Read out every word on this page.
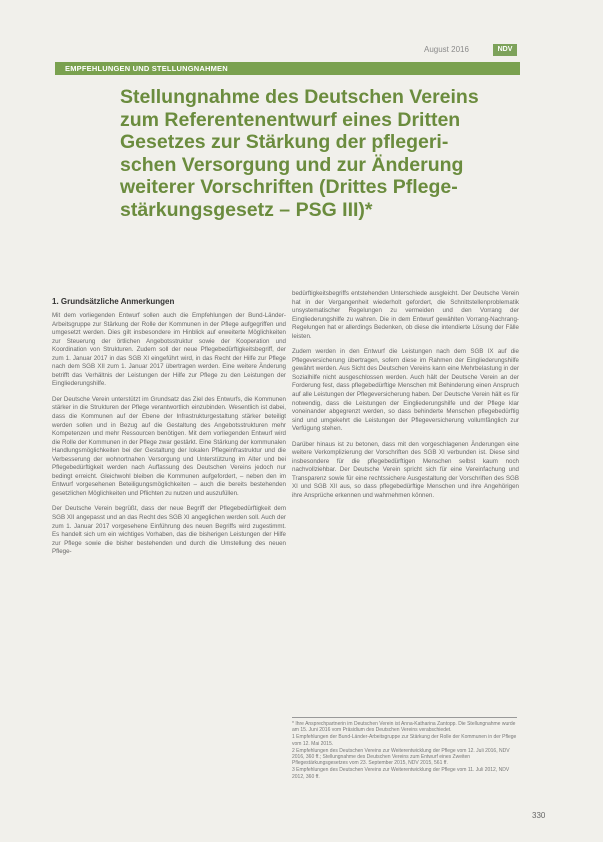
August 2016	NDV
EMPFEHLUNGEN UND STELLUNGNAHMEN
Stellungnahme des Deutschen Vereins
zum Referentenentwurf eines Dritten
Gesetzes zur Stärkung der pflegeri-
schen Versorgung und zur Änderung
weiterer Vorschriften (Drittes Pflege-
stärkungsgesetz – PSG III)*
1. Grundsätzliche Anmerkungen

Mit dem vorliegenden Entwurf sollen auch die Empfehlungen der Bund-Länder-Arbeitsgruppe zur Stärkung der Rolle der Kommunen in der Pflege aufgegriffen und umgesetzt werden. Dies gilt insbesondere im Hinblick auf erweiterte Möglichkeiten zur Steuerung der örtlichen Angebotsstruktur sowie der Kooperation und Koordination von Strukturen. Zudem soll der neue Pflegebedürftigkeitsbegriff, der zum 1. Januar 2017 in das SGB XI eingeführt wird, in das Recht der Hilfe zur Pflege nach dem SGB XII zum 1. Januar 2017 übertragen werden. Eine weitere Änderung betrifft das Verhältnis der Leistungen der Hilfe zur Pflege zu den Leistungen der Eingliederungshilfe.

Der Deutsche Verein unterstützt im Grundsatz das Ziel des Entwurfs, die Kommunen stärker in die Strukturen der Pflege verantwortlich einzubinden. Wesentlich ist dabei, dass die Kommunen auf der Ebene der Infrastrukturgestaltung stärker beteiligt werden sollen und in Bezug auf die Gestaltung des Angebotsstrukturen mehr Kompetenzen und mehr Ressourcen benötigen. Mit dem vorliegenden Entwurf wird die Rolle der Kommunen in der Pflege zwar gestärkt. Eine Stärkung der kommunalen Handlungsmöglichkeiten bei der Gestaltung der lokalen Pflegeinfrastruktur und die Verbesserung der wohnortnahen Versorgung und Unterstützung im Alter und bei Pflegebedürftigkeit werden nach Auffassung des Deutschen Vereins jedoch nur bedingt erreicht. Gleichwohl bleiben die Kommunen aufgefordert, – neben den im Entwurf vorgesehenen Beteiligungsmöglichkeiten – auch die bereits bestehenden gesetzlichen Möglichkeiten und Pflichten zu nutzen und auszufüllen.

Der Deutsche Verein begrüßt, dass der neue Begriff der Pflegebedürftigkeit dem SGB XII angepasst und an das Recht des SGB XI angeglichen werden soll. Auch der zum 1. Januar 2017 vorgesehene Einführung des neuen Begriffs wird zugestimmt. Es handelt sich um ein wichtiges Vorhaben, das die bisherigen Leistungen der Hilfe zur Pflege sowie die bisher bestehenden und durch die Umstellung des neuen Pflege-

bedürftigkeitsbegriffs entstehenden Unterschiede ausgleicht. Der Deutsche Verein hat in der Vergangenheit wiederholt gefordert, die Schnittstellenproblematik unsystematischer Regelungen zu vermeiden und den Vorrang der Eingliederungshilfe zu wahren. Die in dem Entwurf gewählten Vorrang-Nachrang-Regelungen hat er allerdings Bedenken, ob diese die intendierte Lösung der Fälle leisten.

Zudem werden in den Entwurf die Leistungen nach dem SGB IX auf die Pflegeversicherung übertragen, sofern diese im Rahmen der Eingliederungshilfe gewährt werden. Aus Sicht des Deutschen Vereins kann eine Mehrbelastung in der Sozialhilfe nicht ausgeschlossen werden. Auch hält der Deutsche Verein an der Forderung fest, dass pflegebedürftige Menschen mit Behinderung einen Anspruch auf alle Leistungen der Pflegeversicherung haben. Der Deutsche Verein hält es für notwendig, dass die Leistungen der Eingliederungshilfe und der Pflege klar voneinander abgegrenzt werden, so dass behinderte Menschen pflegebedürftig sind und umgekehrt die Leistungen der Pflegeversicherung vollumfänglich zur Verfügung stehen.

Darüber hinaus ist zu betonen, dass mit den vorgeschlagenen Änderungen eine weitere Verkomplizierung der Vorschriften des SGB XI verbunden ist. Diese sind insbesondere für die pflegebedürftigen Menschen selbst kaum noch nachvollziehbar. Der Deutsche Verein spricht sich für eine Vereinfachung und Transparenz sowie für eine rechtssichere Ausgestaltung der Vorschriften des SGB XI und SGB XII aus, so dass pflegebedürftige Menschen und ihre Angehörigen ihre Ansprüche erkennen und wahrnehmen können.

* Ihre Ansprechpartnerin im Deutschen Verein ist Anna-Katharina Zantopp. Die Stellungnahme wurde am 15. Juni 2016 vom Präsidium des Deutschen Vereins verabschiedet.

1 Empfehlungen der Bund-Länder-Arbeitsgruppe zur Stärkung der Rolle der Kommunen in der Pflege vom 12. Mai 2015.

2 Empfehlungen des Deutschen Vereins zur Weiterentwicklung der Pflege vom 12. Juli 2016, NDV 2016, 360 ff.; Stellungnahme des Deutschen Vereins zum Entwurf eines Zweiten Pflegestärkungsgesetzes vom 23. September 2015, NDV 2015, 561 ff.

3 Empfehlungen des Deutschen Vereins zur Weiterentwicklung der Pflege vom 11. Juli 2012, NDV 2012, 360 ff.

330
